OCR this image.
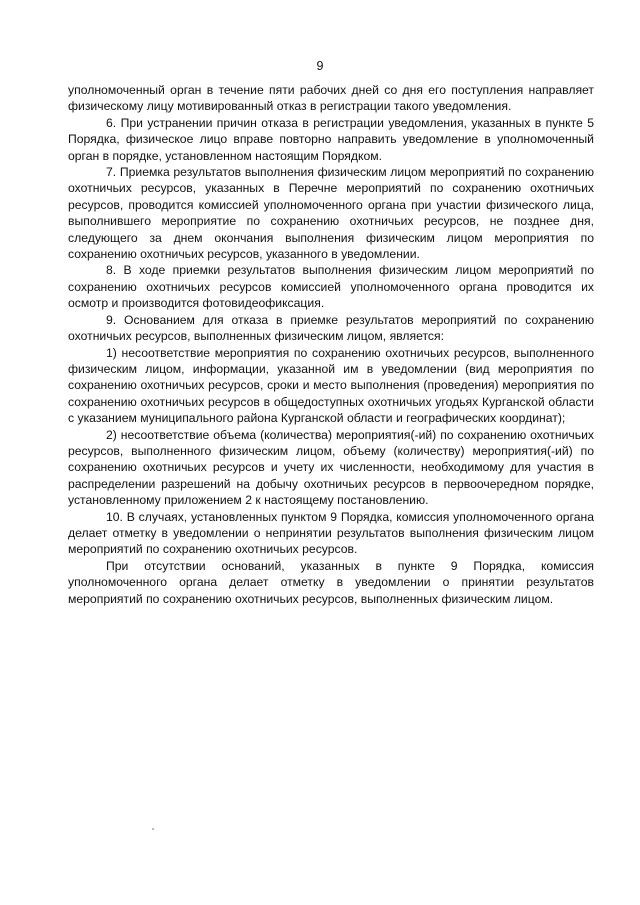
9

уполномоченный орган в течение пяти рабочих дней со дня его поступления направляет физическому лицу мотивированный отказ в регистрации такого уведомления.

6. При устранении причин отказа в регистрации уведомления, указанных в пункте 5 Порядка, физическое лицо вправе повторно направить уведомление в уполномоченный орган в порядке, установленном настоящим Порядком.

7. Приемка результатов выполнения физическим лицом мероприятий по сохранению охотничьих ресурсов, указанных в Перечне мероприятий по сохранению охотничьих ресурсов, проводится комиссией уполномоченного органа при участии физического лица, выполнившего мероприятие по сохранению охотничьих ресурсов, не позднее дня, следующего за днем окончания выполнения физическим лицом мероприятия по сохранению охотничьих ресурсов, указанного в уведомлении.

8. В ходе приемки результатов выполнения физическим лицом мероприятий по сохранению охотничьих ресурсов комиссией уполномоченного органа проводится их осмотр и производится фотовидеофиксация.

9. Основанием для отказа в приемке результатов мероприятий по сохранению охотничьих ресурсов, выполненных физическим лицом, является:

1) несоответствие мероприятия по сохранению охотничьих ресурсов, выполненного физическим лицом, информации, указанной им в уведомлении (вид мероприятия по сохранению охотничьих ресурсов, сроки и место выполнения (проведения) мероприятия по сохранению охотничьих ресурсов в общедоступных охотничьих угодьях Курганской области с указанием муниципального района Курганской области и географических координат);

2) несоответствие объема (количества) мероприятия(-ий) по сохранению охотничьих ресурсов, выполненного физическим лицом, объему (количеству) мероприятия(-ий) по сохранению охотничьих ресурсов и учету их численности, необходимому для участия в распределении разрешений на добычу охотничьих ресурсов в первоочередном порядке, установленному приложением 2 к настоящему постановлению.

10. В случаях, установленных пунктом 9 Порядка, комиссия уполномоченного органа делает отметку в уведомлении о непринятии результатов выполнения физическим лицом мероприятий по сохранению охотничьих ресурсов.

При отсутствии оснований, указанных в пункте 9 Порядка, комиссия уполномоченного органа делает отметку в уведомлении о принятии результатов мероприятий по сохранению охотничьих ресурсов, выполненных физическим лицом.
